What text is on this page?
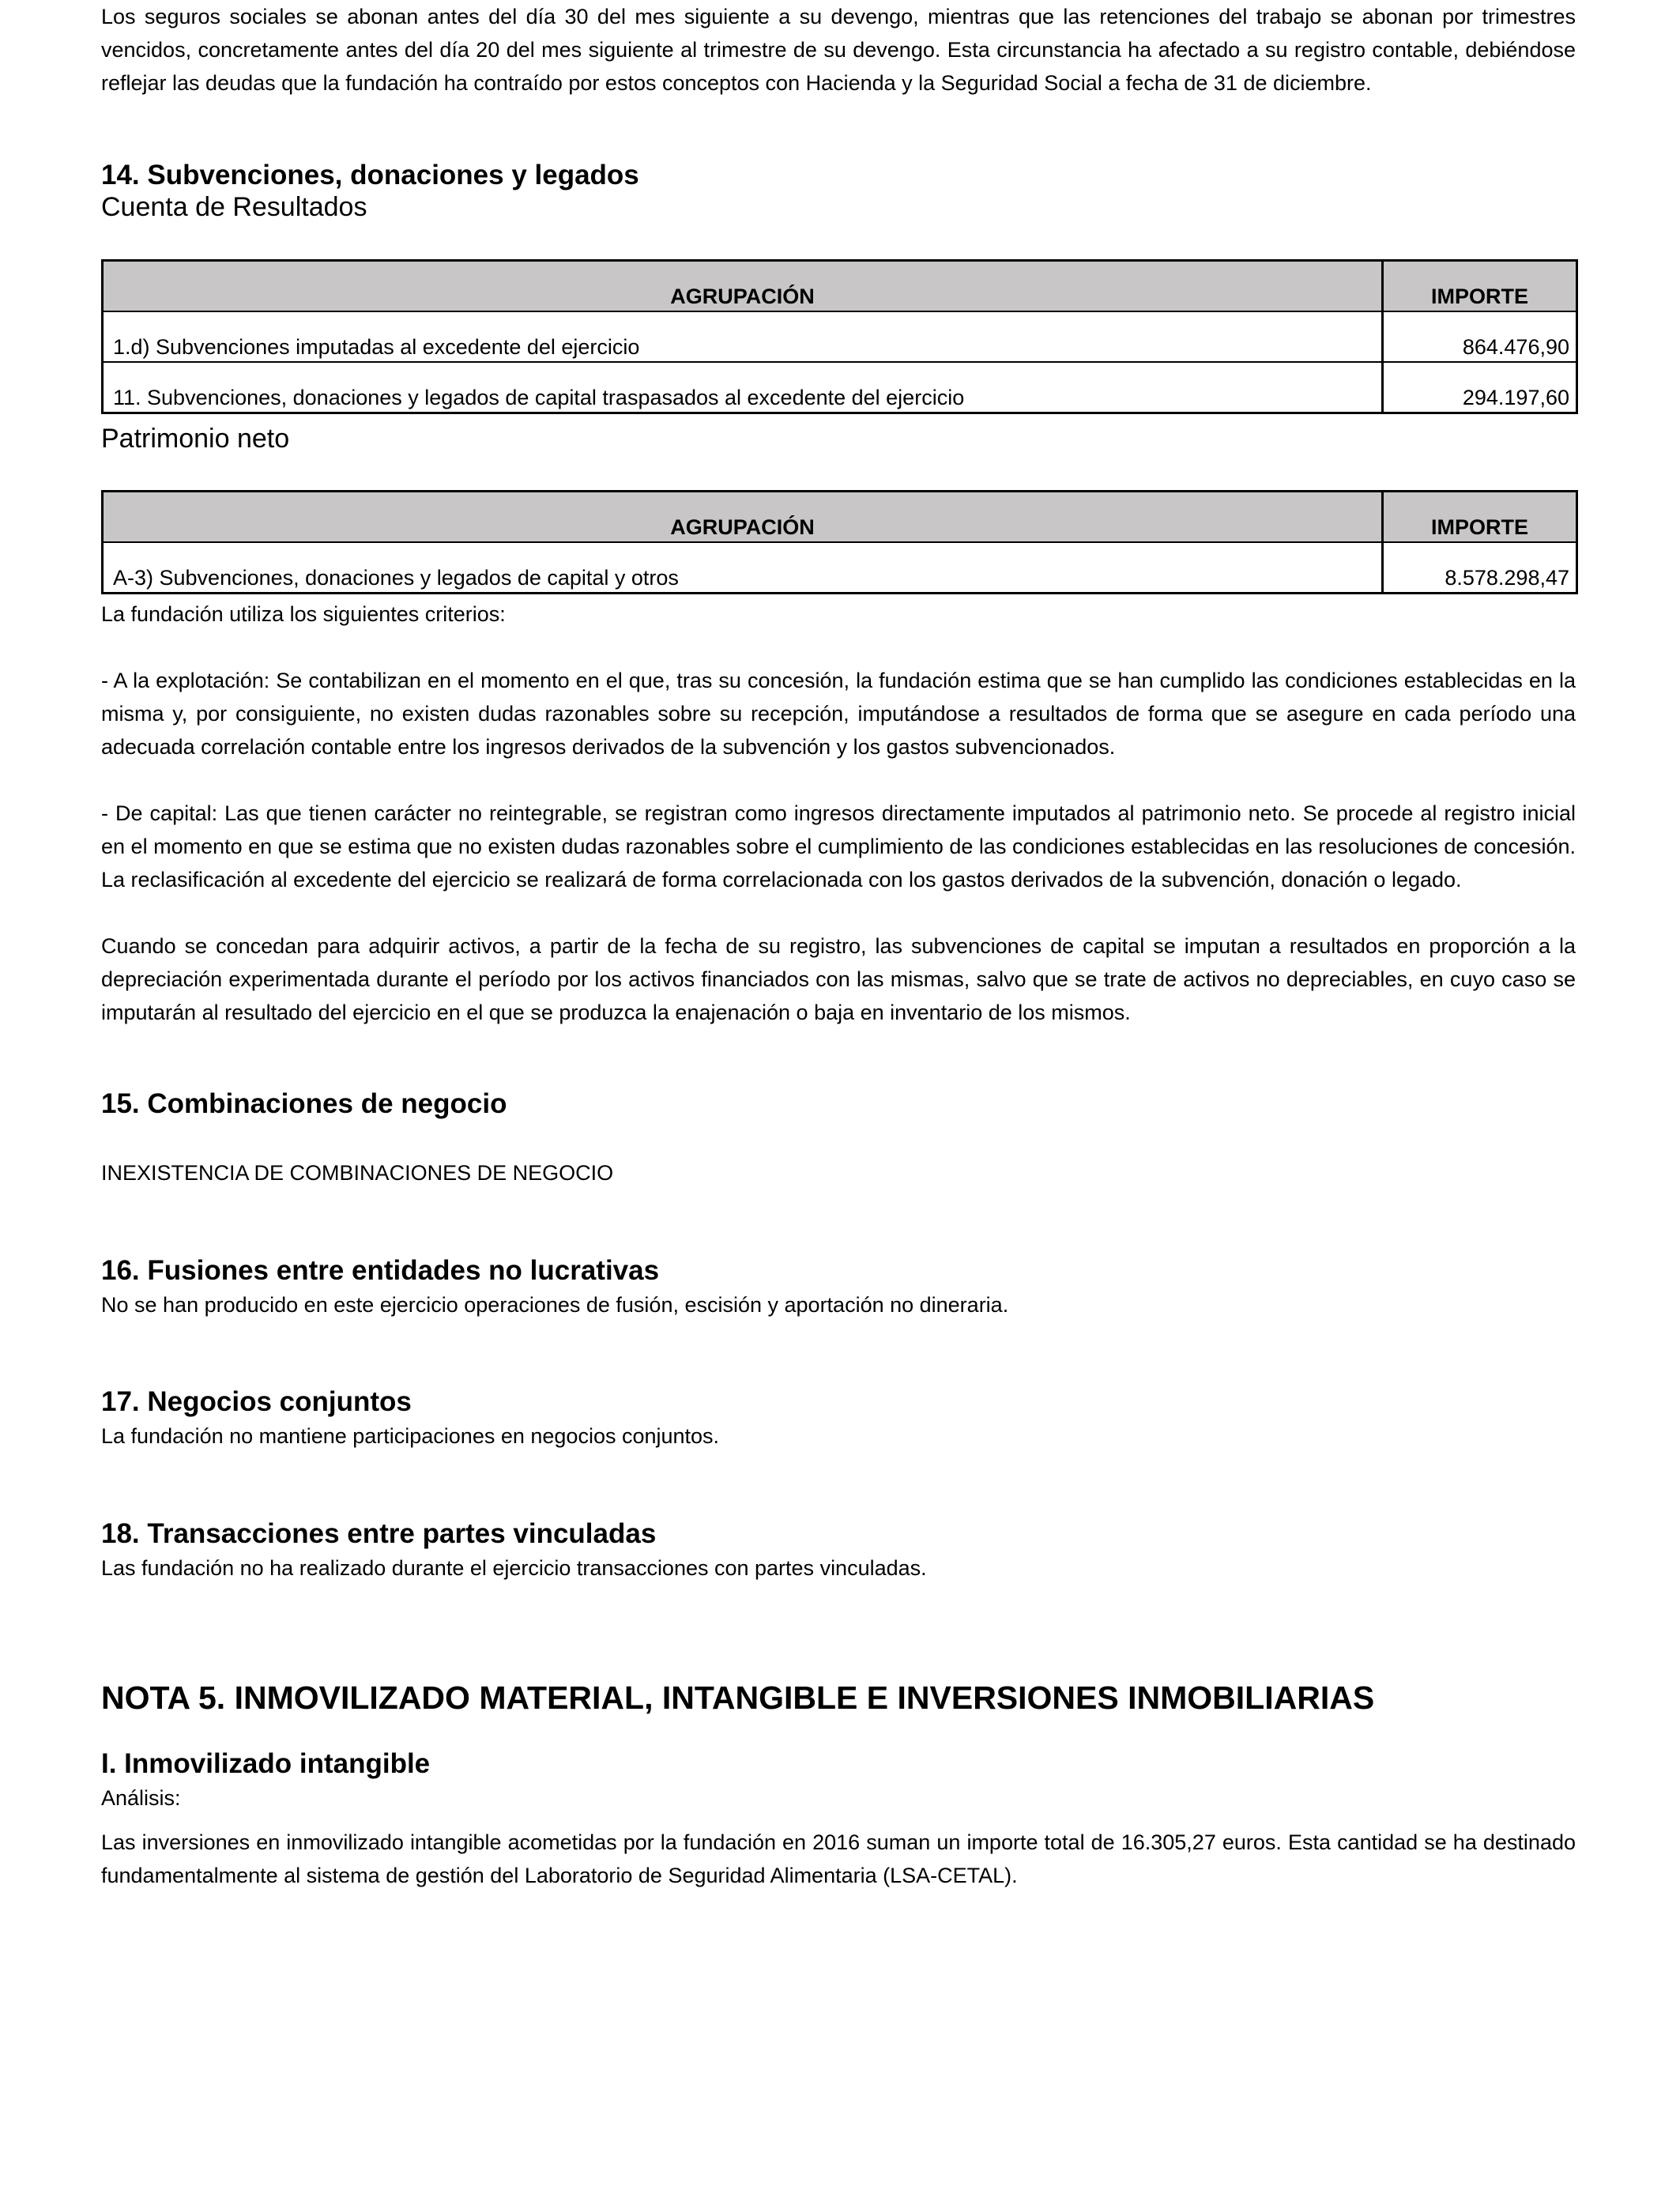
Los seguros sociales se abonan antes del día 30 del mes siguiente a su devengo, mientras que las retenciones del trabajo se abonan por trimestres vencidos, concretamente antes del día 20 del mes siguiente al trimestre de su devengo. Esta circunstancia ha afectado a su registro contable, debiéndose reflejar las deudas que la fundación ha contraído por estos conceptos con Hacienda y la Seguridad Social a fecha de 31 de diciembre.

14. Subvenciones, donaciones y legados
Cuenta de Resultados
AGRUPACIÓN	IMPORTE
1.d) Subvenciones imputadas al excedente del ejercicio	864.476,90
11. Subvenciones, donaciones y legados de capital traspasados al excedente del ejercicio	294.197,60
Patrimonio neto
AGRUPACIÓN	IMPORTE
A-3) Subvenciones, donaciones y legados de capital y otros	8.578.298,47

La fundación utiliza los siguientes criterios:

- A la explotación: Se contabilizan en el momento en el que, tras su concesión, la fundación estima que se han cumplido las condiciones establecidas en la misma y, por consiguiente, no existen dudas razonables sobre su recepción, imputándose a resultados de forma que se asegure en cada período una adecuada correlación contable entre los ingresos derivados de la subvención y los gastos subvencionados.

- De capital: Las que tienen carácter no reintegrable, se registran como ingresos directamente imputados al patrimonio neto. Se procede al registro inicial en el momento en que se estima que no existen dudas razonables sobre el cumplimiento de las condiciones establecidas en las resoluciones de concesión. La reclasificación al excedente del ejercicio se realizará de forma correlacionada con los gastos derivados de la subvención, donación o legado.

Cuando se concedan para adquirir activos, a partir de la fecha de su registro, las subvenciones de capital se imputan a resultados en proporción a la depreciación experimentada durante el período por los activos financiados con las mismas, salvo que se trate de activos no depreciables, en cuyo caso se imputarán al resultado del ejercicio en el que se produzca la enajenación o baja en inventario de los mismos.

15. Combinaciones de negocio

INEXISTENCIA DE COMBINACIONES DE NEGOCIO

16. Fusiones entre entidades no lucrativas

No se han producido en este ejercicio operaciones de fusión, escisión y aportación no dineraria.

17. Negocios conjuntos

La fundación no mantiene participaciones en negocios conjuntos.

18. Transacciones entre partes vinculadas

Las fundación no ha realizado durante el ejercicio transacciones con partes vinculadas.

NOTA 5. INMOVILIZADO MATERIAL, INTANGIBLE E INVERSIONES INMOBILIARIAS
I. Inmovilizado intangible

Análisis:

Las inversiones en inmovilizado intangible acometidas por la fundación en 2016 suman un importe total de 16.305,27 euros. Esta cantidad se ha destinado fundamentalmente al sistema de gestión del Laboratorio de Seguridad Alimentaria (LSA-CETAL).
